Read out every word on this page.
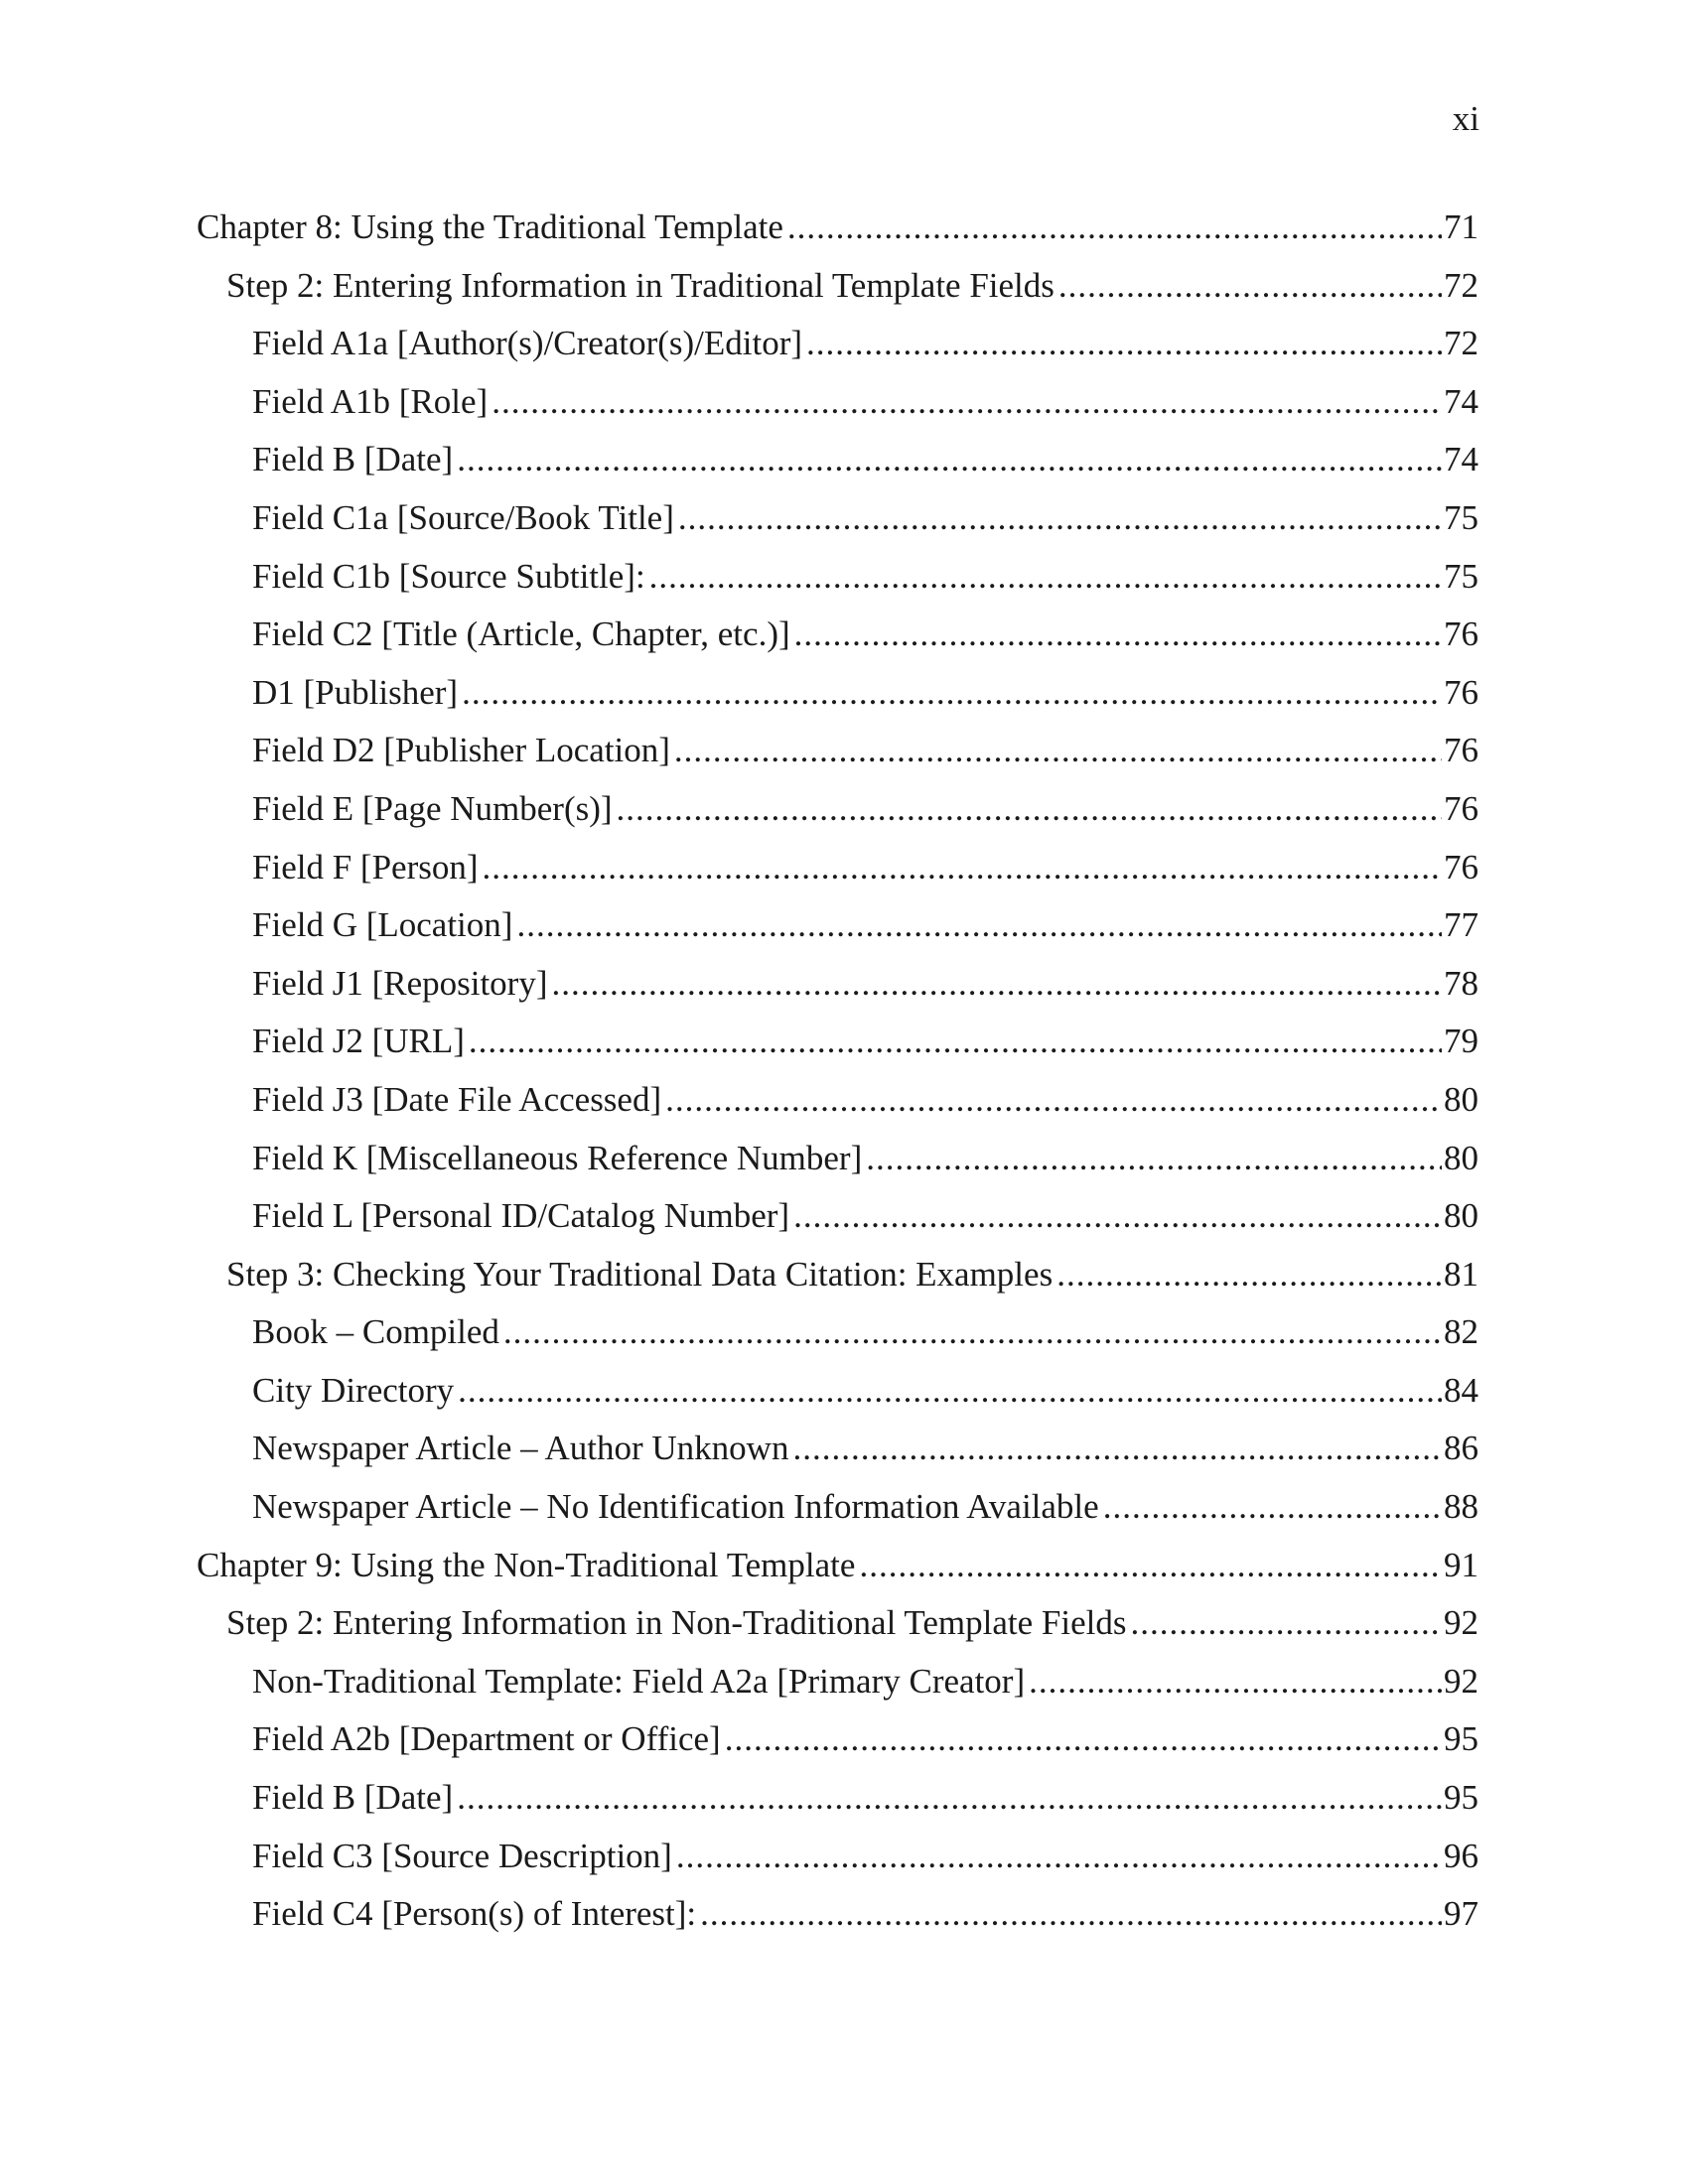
xi
Chapter 8: Using the Traditional Template .....	71
Step 2: Entering Information in Traditional Template Fields .....	72
Field A1a [Author(s)/Creator(s)/Editor] .....	72
Field A1b [Role] .....	74
Field B [Date] .....	74
Field C1a [Source/Book Title] .....	75
Field C1b [Source Subtitle]: .....	75
Field C2 [Title (Article, Chapter, etc.)] .....	76
D1 [Publisher] .....	76
Field D2 [Publisher Location] .....	76
Field E [Page Number(s)] .....	76
Field F [Person] .....	76
Field G [Location] .....	77
Field J1 [Repository] .....	78
Field J2 [URL] .....	79
Field J3 [Date File Accessed] .....	80
Field K [Miscellaneous Reference Number] .....	80
Field L [Personal ID/Catalog Number] .....	80
Step 3: Checking Your Traditional Data Citation: Examples .....	81
Book – Compiled .....	82
City Directory .....	84
Newspaper Article – Author Unknown .....	86
Newspaper Article – No Identification Information Available .....	88
Chapter 9: Using the Non-Traditional Template .....	91
Step 2: Entering Information in Non-Traditional Template Fields .....	92
Non-Traditional Template: Field A2a [Primary Creator] .....	92
Field A2b [Department or Office] .....	95
Field B [Date] .....	95
Field C3 [Source Description] .....	96
Field C4 [Person(s) of Interest]: .....	97
